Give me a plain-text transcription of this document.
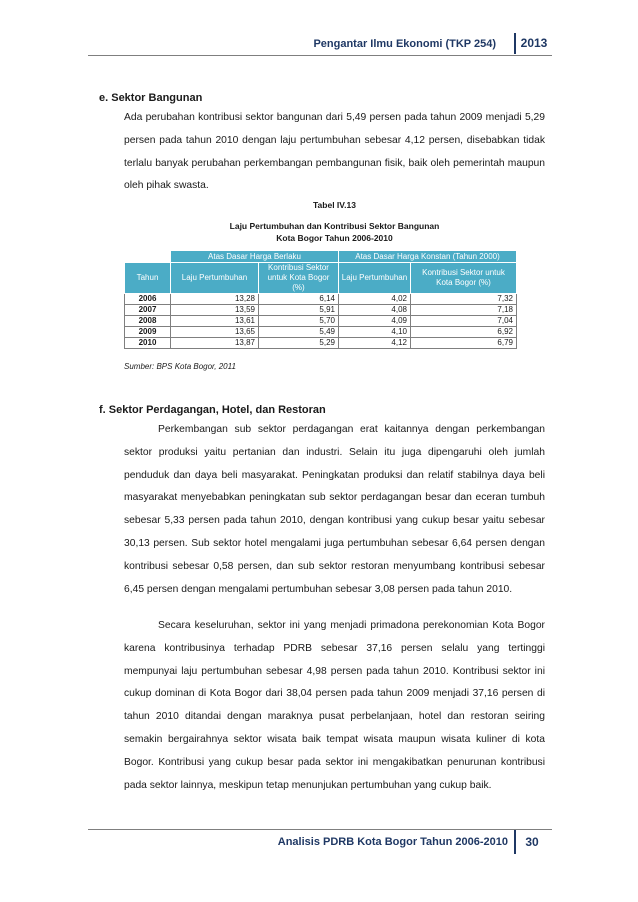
Pengantar Ilmu Ekonomi (TKP 254)	2013
e. Sektor Bangunan

Ada perubahan kontribusi sektor bangunan dari 5,49 persen pada tahun 2009 menjadi 5,29 persen pada tahun 2010 dengan laju pertumbuhan sebesar 4,12 persen, disebabkan tidak terlalu banyak perubahan perkembangan pembangunan fisik, baik oleh pemerintah maupun oleh pihak swasta.

Tabel IV.13
Laju Pertumbuhan dan Kontribusi Sektor Bangunan
Kota Bogor Tahun 2006-2010
	Atas Dasar Harga Berlaku		Atas Dasar Harga Konstan (Tahun 2000)	
Tahun	Laju Pertumbuhan	Kontribusi Sektor untuk Kota Bogor (%)	Laju Pertumbuhan	Kontribusi Sektor untuk Kota Bogor (%)
2006	13,28	6,14	4,02	7,32
2007	13,59	5,91	4,08	7,18
2008	13,61	5,70	4,09	7,04
2009	13,65	5,49	4,10	6,92
2010	13,87	5,29	4,12	6,79
Sumber: BPS Kota Bogor, 2011
f. Sektor Perdagangan, Hotel, dan Restoran

Perkembangan sub sektor perdagangan erat kaitannya dengan perkembangan sektor produksi yaitu pertanian dan industri. Selain itu juga dipengaruhi oleh jumlah penduduk dan daya beli masyarakat. Peningkatan produksi dan relatif stabilnya daya beli masyarakat menyebabkan peningkatan sub sektor perdagangan besar dan eceran tumbuh sebesar 5,33 persen pada tahun 2010, dengan kontribusi yang cukup besar yaitu sebesar 30,13 persen. Sub sektor hotel mengalami juga pertumbuhan sebesar 6,64 persen dengan kontribusi sebesar 0,58 persen, dan sub sektor restoran menyumbang kontribusi sebesar 6,45 persen dengan mengalami pertumbuhan sebesar 3,08 persen pada tahun 2010.

Secara keseluruhan, sektor ini yang menjadi primadona perekonomian Kota Bogor karena kontribusinya terhadap PDRB sebesar 37,16 persen selalu yang tertinggi mempunyai laju pertumbuhan sebesar 4,98 persen pada tahun 2010. Kontribusi sektor ini cukup dominan di Kota Bogor dari 38,04 persen pada tahun 2009 menjadi 37,16 persen di tahun 2010 ditandai dengan maraknya pusat perbelanjaan, hotel dan restoran seiring semakin bergairahnya sektor wisata baik tempat wisata maupun wisata kuliner di kota Bogor. Kontribusi yang cukup besar pada sektor ini mengakibatkan penurunan kontribusi pada sektor lainnya, meskipun tetap menunjukan pertumbuhan yang cukup baik.

Analisis PDRB Kota Bogor Tahun 2006-2010	30
